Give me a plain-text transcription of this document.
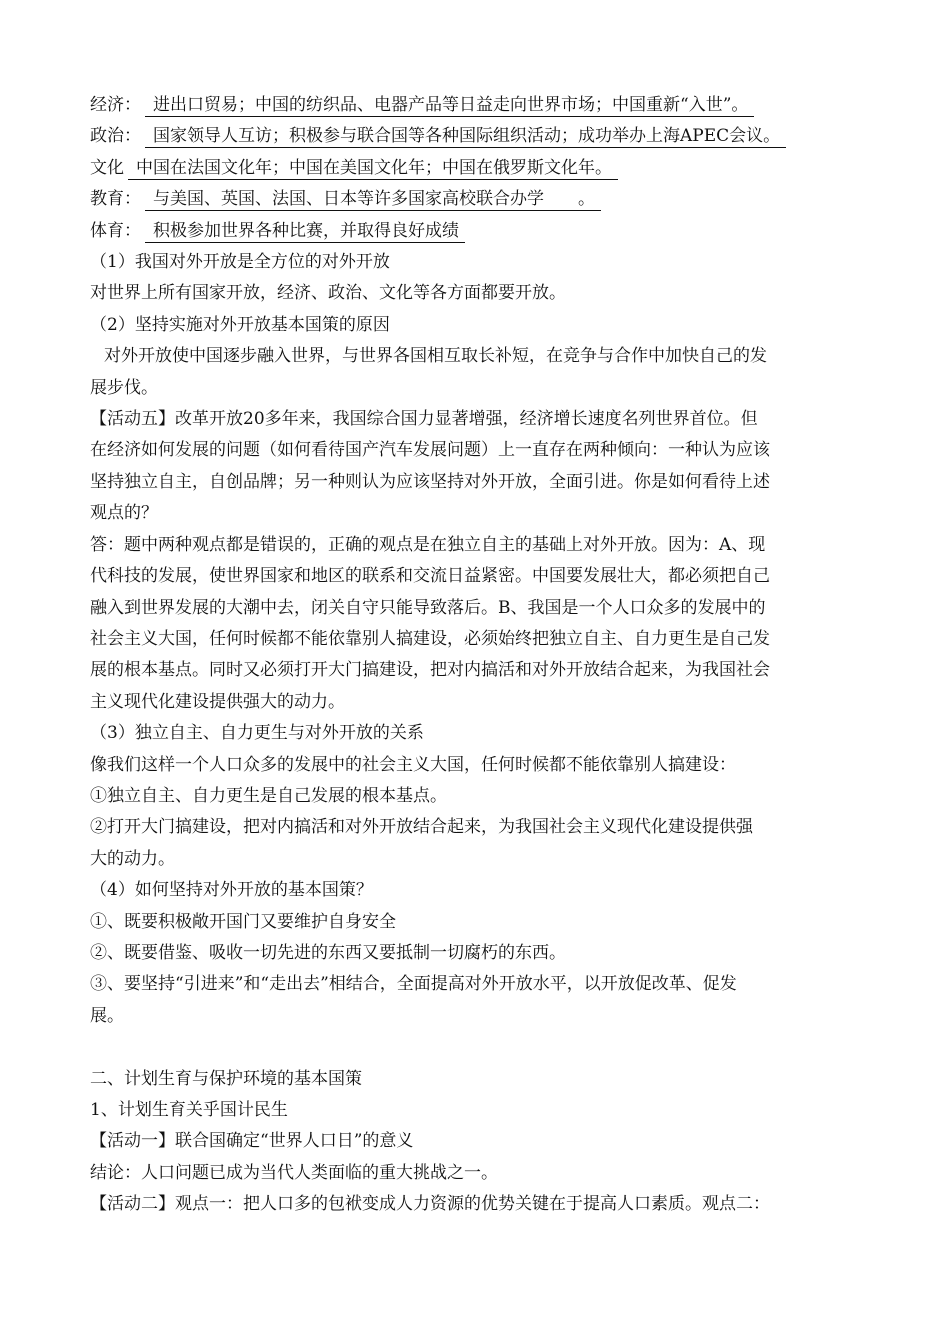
经济： 进出口贸易；中国的纺织品、电器产品等日益走向世界市场；中国重新“入世”。
政治： 国家领导人互访；积极参与联合国等各种国际组织活动；成功举办上海APEC会议。
文化 中国在法国文化年；中国在美国文化年；中国在俄罗斯文化年。
教育： 与美国、英国、法国、日本等许多国家高校联合办学　　。
体育： 积极参加世界各种比赛，并取得良好成绩
（1）我国对外开放是全方位的对外开放
对世界上所有国家开放，经济、政治、文化等各方面都要开放。
（2）坚持实施对外开放基本国策的原因
对外开放使中国逐步融入世界，与世界各国相互取长补短，在竞争与合作中加快自己的发
展步伐。
【活动五】改革开放20多年来，我国综合国力显著增强，经济增长速度名列世界首位。但
在经济如何发展的问题（如何看待国产汽车发展问题）上一直存在两种倾向：一种认为应该
坚持独立自主，自创品牌；另一种则认为应该坚持对外开放，全面引进。你是如何看待上述
观点的？
答：题中两种观点都是错误的，正确的观点是在独立自主的基础上对外开放。因为：A、现
代科技的发展，使世界国家和地区的联系和交流日益紧密。中国要发展壮大，都必须把自己
融入到世界发展的大潮中去，闭关自守只能导致落后。B、我国是一个人口众多的发展中的
社会主义大国，任何时候都不能依靠别人搞建设，必须始终把独立自主、自力更生是自己发
展的根本基点。同时又必须打开大门搞建设，把对内搞活和对外开放结合起来，为我国社会
主义现代化建设提供强大的动力。
（3）独立自主、自力更生与对外开放的关系
像我们这样一个人口众多的发展中的社会主义大国，任何时候都不能依靠别人搞建设：
①独立自主、自力更生是自己发展的根本基点。
②打开大门搞建设，把对内搞活和对外开放结合起来，为我国社会主义现代化建设提供强
大的动力。
（4）如何坚持对外开放的基本国策？
①、既要积极敞开国门又要维护自身安全
②、既要借鉴、吸收一切先进的东西又要抵制一切腐朽的东西。
③、要坚持“引进来”和“走出去”相结合，全面提高对外开放水平，以开放促改革、促发
展。
二、计划生育与保护环境的基本国策
1、计划生育关乎国计民生
【活动一】联合国确定“世界人口日”的意义
结论：人口问题已成为当代人类面临的重大挑战之一。
【活动二】观点一：把人口多的包袱变成人力资源的优势关键在于提高人口素质。观点二：
